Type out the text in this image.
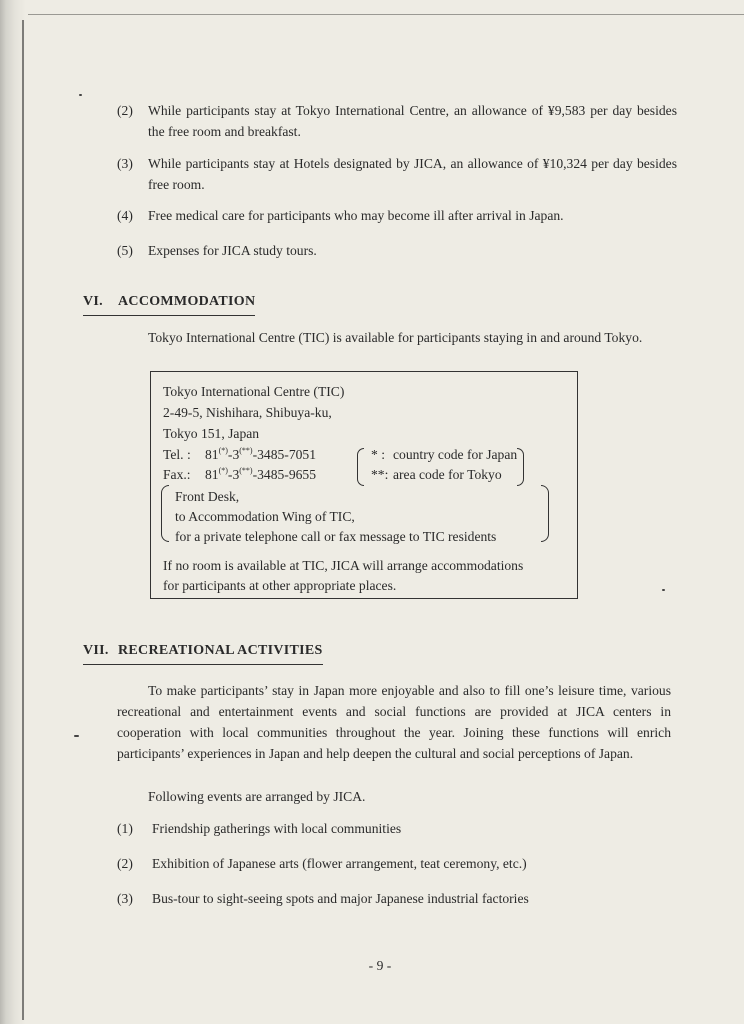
(2) While participants stay at Tokyo International Centre, an allowance of ¥9,583 per day besides the free room and breakfast.
(3) While participants stay at Hotels designated by JICA, an allowance of ¥10,324 per day besides free room.
(4) Free medical care for participants who may become ill after arrival in Japan.
(5) Expenses for JICA study tours.
VI. ACCOMMODATION

Tokyo International Centre (TIC) is available for participants staying in and around Tokyo.

Tokyo International Centre (TIC)
2-49-5, Nishihara, Shibuya-ku,
Tokyo 151, Japan
Tel. : 81(*)-3(**)-3485-7051
Fax.: 81(*)-3(**)-3485-9655
* : country code for Japan
**: area code for Tokyo
Front Desk,
to Accommodation Wing of TIC,
for a private telephone call or fax message to TIC residents
If no room is available at TIC, JICA will arrange accommodations
for participants at other appropriate places.
VII. RECREATIONAL ACTIVITIES

To make participants’ stay in Japan more enjoyable and also to fill one’s leisure time, various recreational and entertainment events and social functions are provided at JICA centers in cooperation with local communities throughout the year. Joining these functions will enrich participants’ experiences in Japan and help deepen the cultural and social perceptions of Japan.

Following events are arranged by JICA.

(1) Friendship gatherings with local communities
(2) Exhibition of Japanese arts (flower arrangement, teat ceremony, etc.)
(3) Bus-tour to sight-seeing spots and major Japanese industrial factories
- 9 -
